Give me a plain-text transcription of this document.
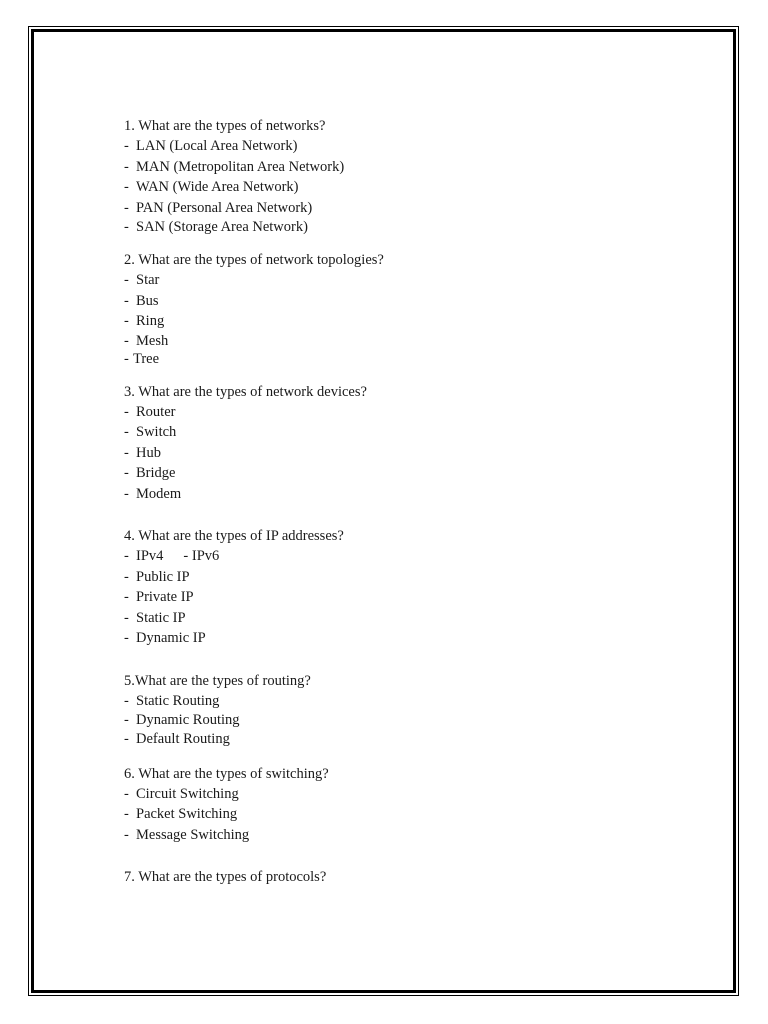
1. What are the types of networks?

- LAN (Local Area Network)

- MAN (Metropolitan Area Network)

- WAN (Wide Area Network)

- PAN (Personal Area Network)

- SAN (Storage Area Network)

2. What are the types of network topologies?

- Star

- Bus

- Ring

- Mesh

- Tree

3. What are the types of network devices?

- Router

- Switch

- Hub

- Bridge

- Modem

4. What are the types of IP addresses?

- IPv4 - IPv6

- Public IP

- Private IP

- Static IP

- Dynamic IP

5.What are the types of routing?

- Static Routing

- Dynamic Routing

- Default Routing

6. What are the types of switching?

- Circuit Switching

- Packet Switching

- Message Switching

7. What are the types of protocols?
